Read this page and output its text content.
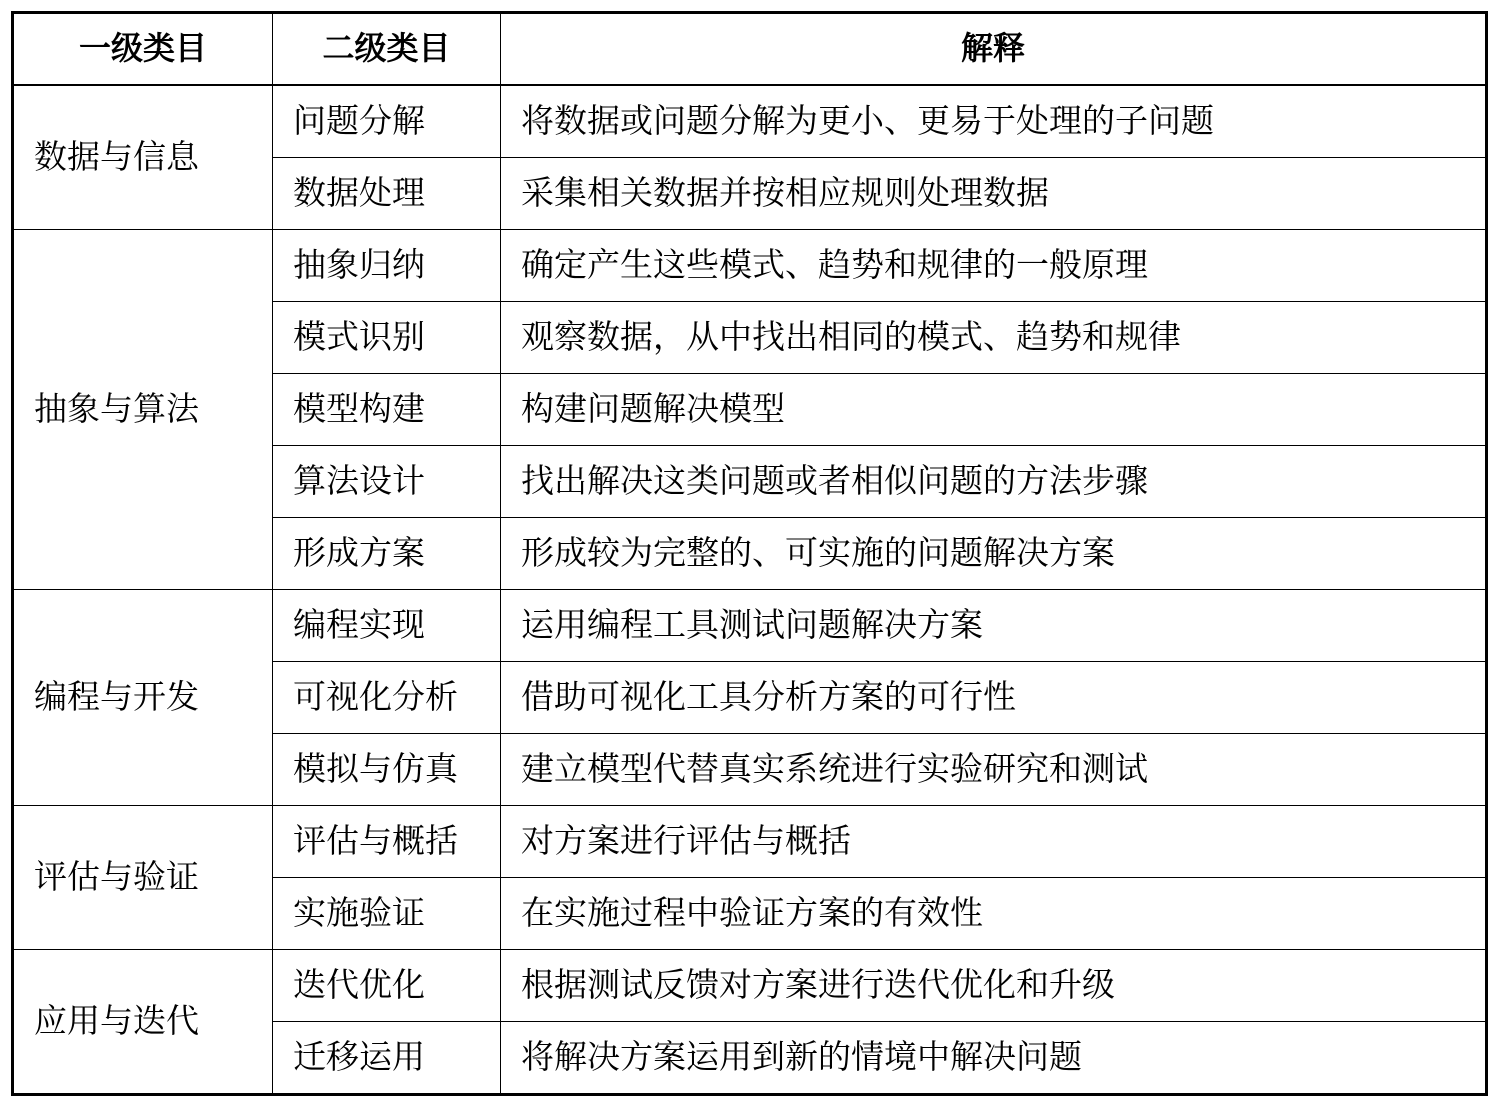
一级类目	二级类目	解释
数据与信息	问题分解	将数据或问题分解为更小、更易于处理的子问题
	数据处理	采集相关数据并按相应规则处理数据
抽象与算法	抽象归纳	确定产生这些模式、趋势和规律的一般原理
	模式识别	观察数据，从中找出相同的模式、趋势和规律
	模型构建	构建问题解决模型
	算法设计	找出解决这类问题或者相似问题的方法步骤
	形成方案	形成较为完整的、可实施的问题解决方案
编程与开发	编程实现	运用编程工具测试问题解决方案
	可视化分析	借助可视化工具分析方案的可行性
	模拟与仿真	建立模型代替真实系统进行实验研究和测试
评估与验证	评估与概括	对方案进行评估与概括
	实施验证	在实施过程中验证方案的有效性
应用与迭代	迭代优化	根据测试反馈对方案进行迭代优化和升级
	迁移运用	将解决方案运用到新的情境中解决问题
